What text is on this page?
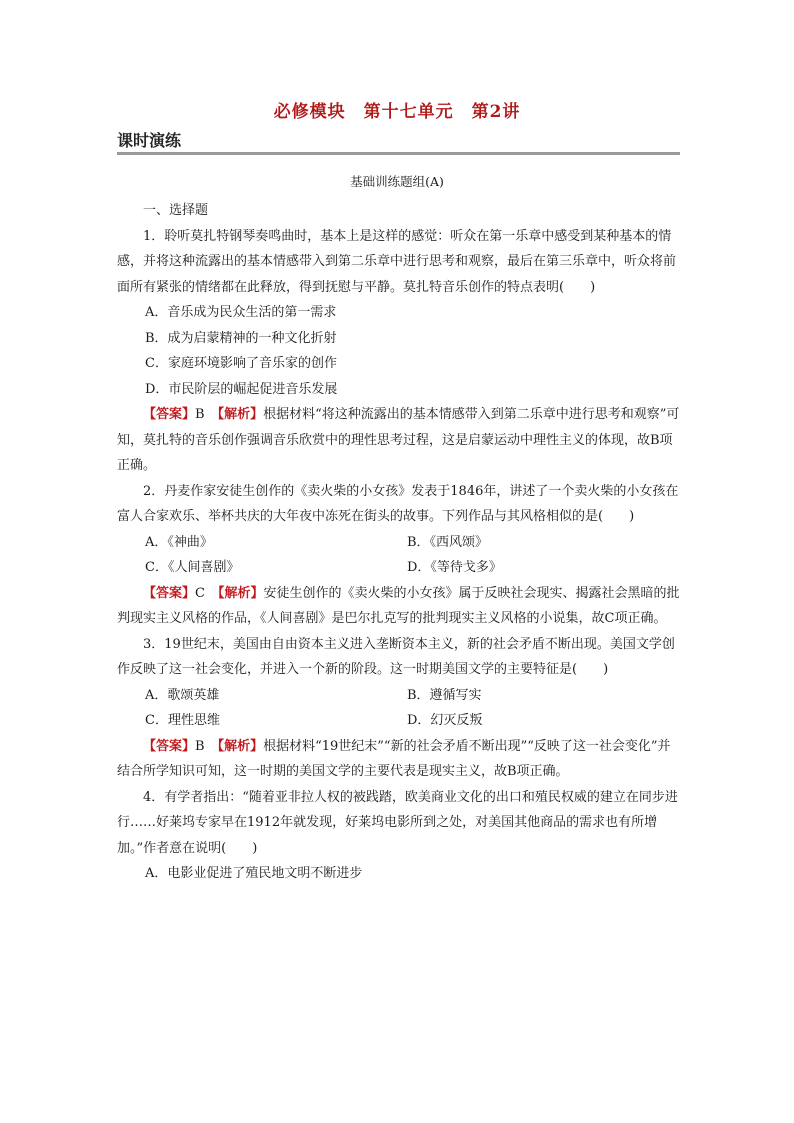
必修模块　第十七单元　第2讲
课时演练
基础训练题组(A)

一、选择题

1．聆听莫扎特钢琴奏鸣曲时，基本上是这样的感觉：听众在第一乐章中感受到某种基本的情感，并将这种流露出的基本情感带入到第二乐章中进行思考和观察，最后在第三乐章中，听众将前面所有紧张的情绪都在此释放，得到抚慰与平静。莫扎特音乐创作的特点表明(　　)

A．音乐成为民众生活的第一需求

B．成为启蒙精神的一种文化折射

C．家庭环境影响了音乐家的创作

D．市民阶层的崛起促进音乐发展

【答案】B　【解析】根据材料“将这种流露出的基本情感带入到第二乐章中进行思考和观察”可知，莫扎特的音乐创作强调音乐欣赏中的理性思考过程，这是启蒙运动中理性主义的体现，故B项正确。

2．丹麦作家安徒生创作的《卖火柴的小女孩》发表于1846年，讲述了一个卖火柴的小女孩在富人合家欢乐、举杯共庆的大年夜中冻死在街头的故事。下列作品与其风格相似的是(　　)

A．《神曲》	B．《西风颂》
C．《人间喜剧》	D．《等待戈多》

【答案】C　【解析】安徒生创作的《卖火柴的小女孩》属于反映社会现实、揭露社会黑暗的批判现实主义风格的作品，《人间喜剧》是巴尔扎克写的批判现实主义风格的小说集，故C项正确。

3．19世纪末，美国由自由资本主义进入垄断资本主义，新的社会矛盾不断出现。美国文学创作反映了这一社会变化，并进入一个新的阶段。这一时期美国文学的主要特征是(　　)

A．歌颂英雄	B．遵循写实
C．理性思维	D．幻灭反叛

【答案】B　【解析】根据材料“19世纪末”“新的社会矛盾不断出现”“反映了这一社会变化”并结合所学知识可知，这一时期的美国文学的主要代表是现实主义，故B项正确。

4．有学者指出：“随着亚非拉人权的被践踏，欧美商业文化的出口和殖民权威的建立在同步进行……好莱坞专家早在1912年就发现，好莱坞电影所到之处，对美国其他商品的需求也有所增加。”作者意在说明(　　)

A．电影业促进了殖民地文明不断进步
